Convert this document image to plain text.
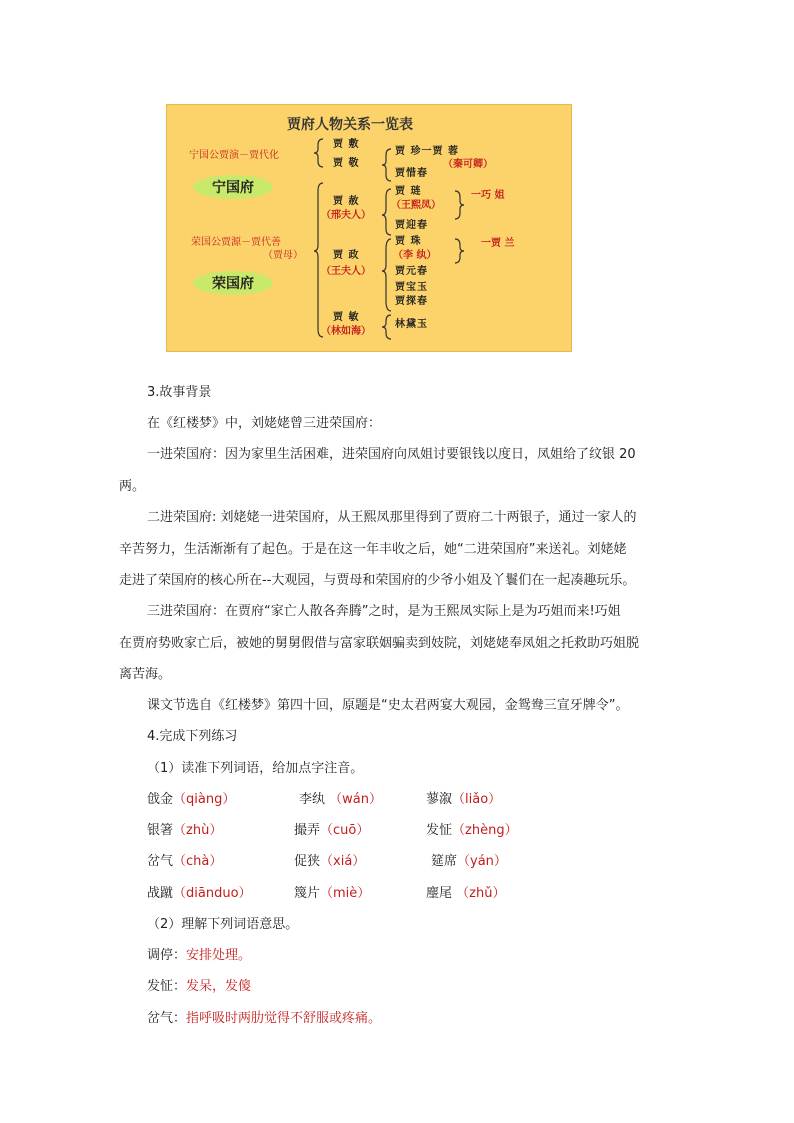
贾府人物关系一览表
宁国公贾演－贾代化
宁国府
荣国公贾源－贾代善
（贾母）
荣国府
贾 敷
贾 敬
贾 珍一贾 蓉
（秦可卿）
贾惜春
贾 赦
（邢夫人）
贾 琏
（王熙凤）
一巧 姐
贾迎春
贾 政
（王夫人）
贾 珠
（李 纨）
一贾 兰
贾元春
贾宝玉
贾探春
贾 敏
（林如海）
林黛玉
3.故事背景
在《红楼梦》中，刘姥姥曾三进荣国府：
一进荣国府：因为家里生活困难，进荣国府向凤姐讨要银钱以度日，凤姐给了纹银 20
两。
二进荣国府: 刘姥姥一进荣国府，从王熙凤那里得到了贾府二十两银子，通过一家人的
辛苦努力，生活渐渐有了起色。于是在这一年丰收之后，她“二进荣国府”来送礼。刘姥姥
走进了荣国府的核心所在--大观园，与贾母和荣国府的少爷小姐及丫鬟们在一起凑趣玩乐。
三进荣国府：在贾府“家亡人散各奔腾”之时，是为王熙凤实际上是为巧姐而来!巧姐
在贾府势败家亡后，被她的舅舅假借与富家联姻骗卖到妓院，刘姥姥奉凤姐之托救助巧姐脱
离苦海。
课文节选自《红楼梦》第四十回，原题是“史太君两宴大观园，金鸳鸯三宣牙牌令”。
4.完成下列练习
（1）读准下列词语，给加点字注音。
戗金（qiàng）	李纨 （wán）	蓼溆（liǎo）
银箸（zhù）	撮弄（cuō）	发怔（zhèng）
岔气（chà）	促狭（xiá）	筵席（yán）
战蹴（diānduo）	篾片（miè）	麈尾 （zhǔ）
（2）理解下列词语意思。
调停：安排处理。
发怔：发呆，发傻
岔气：指呼吸时两肋觉得不舒服或疼痛。
